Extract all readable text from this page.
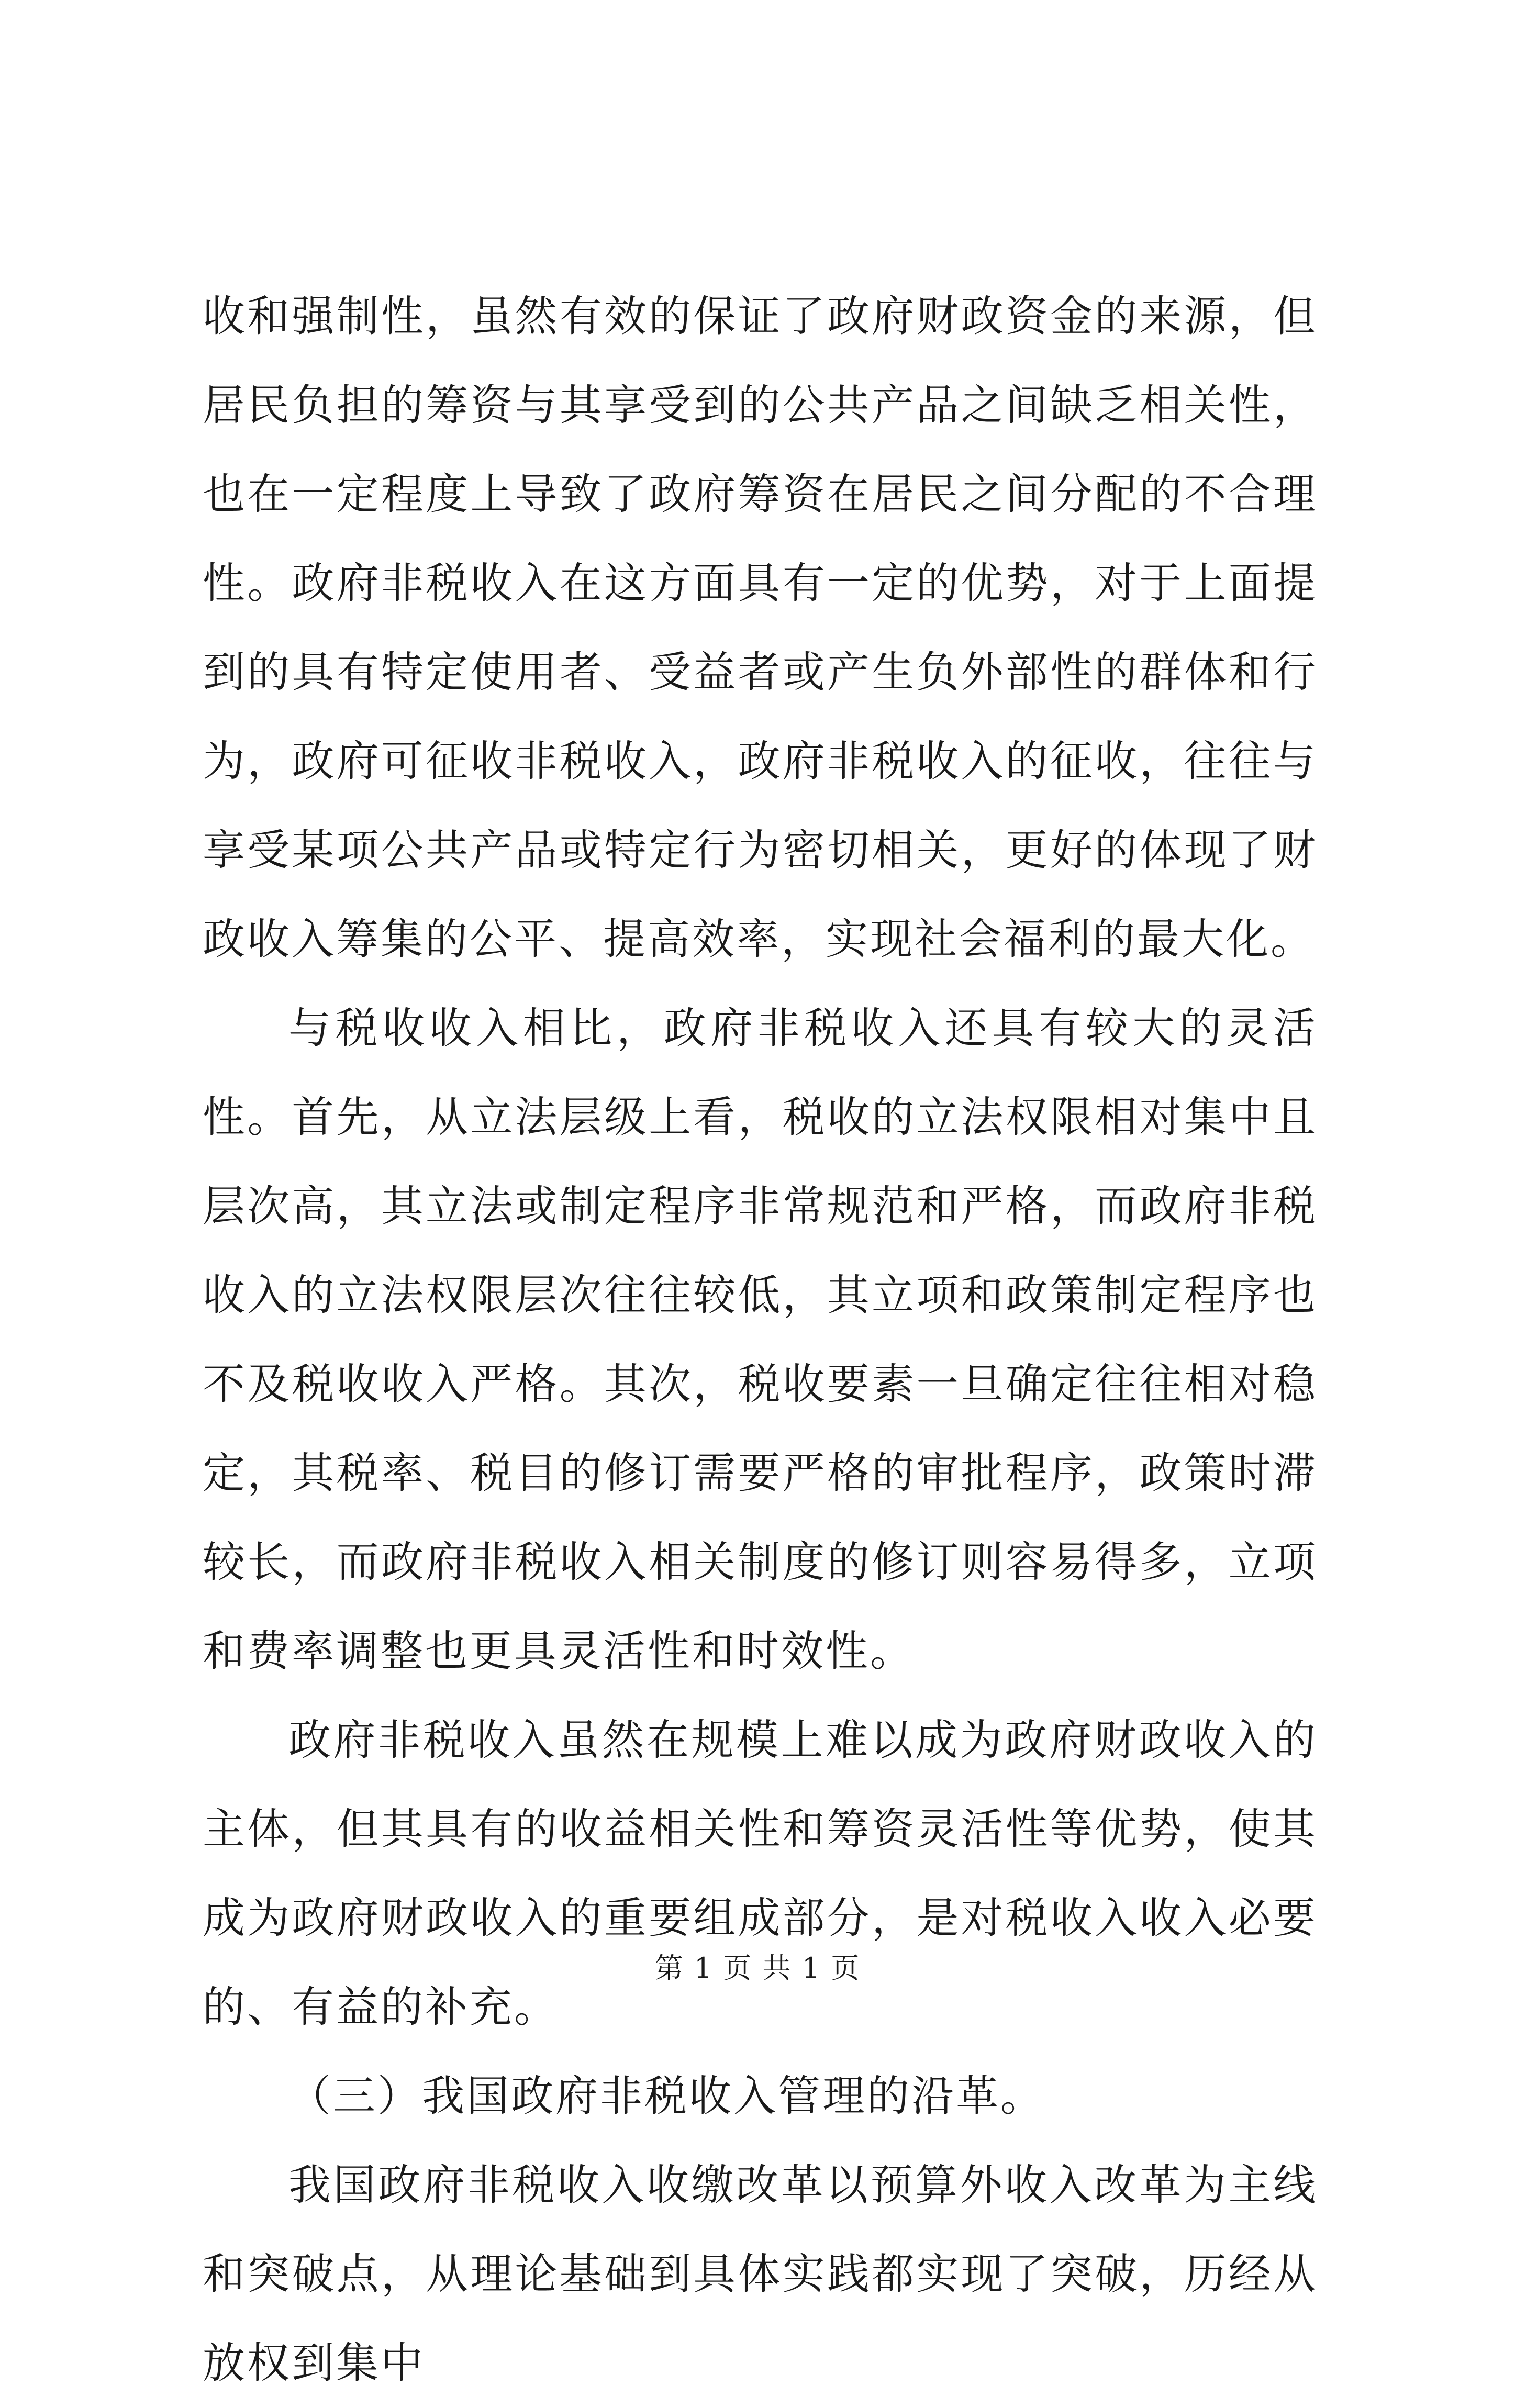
收和强制性，虽然有效的保证了政府财政资金的来源，但居民负担的筹资与其享受到的公共产品之间缺乏相关性，也在一定程度上导致了政府筹资在居民之间分配的不合理性。政府非税收入在这方面具有一定的优势，对于上面提到的具有特定使用者、受益者或产生负外部性的群体和行为，政府可征收非税收入，政府非税收入的征收，往往与享受某项公共产品或特定行为密切相关，更好的体现了财政收入筹集的公平、提高效率，实现社会福利的最大化。

与税收收入相比，政府非税收入还具有较大的灵活性。首先，从立法层级上看，税收的立法权限相对集中且层次高，其立法或制定程序非常规范和严格，而政府非税收入的立法权限层次往往较低，其立项和政策制定程序也不及税收收入严格。其次，税收要素一旦确定往往相对稳定，其税率、税目的修订需要严格的审批程序，政策时滞较长，而政府非税收入相关制度的修订则容易得多，立项和费率调整也更具灵活性和时效性。

政府非税收入虽然在规模上难以成为政府财政收入的主体，但其具有的收益相关性和筹资灵活性等优势，使其成为政府财政收入的重要组成部分，是对税收入收入必要的、有益的补充。

（三）我国政府非税收入管理的沿革。

我国政府非税收入收缴改革以预算外收入改革为主线和突破点，从理论基础到具体实践都实现了突破，历经从放权到集中

第 1 页 共 1 页
